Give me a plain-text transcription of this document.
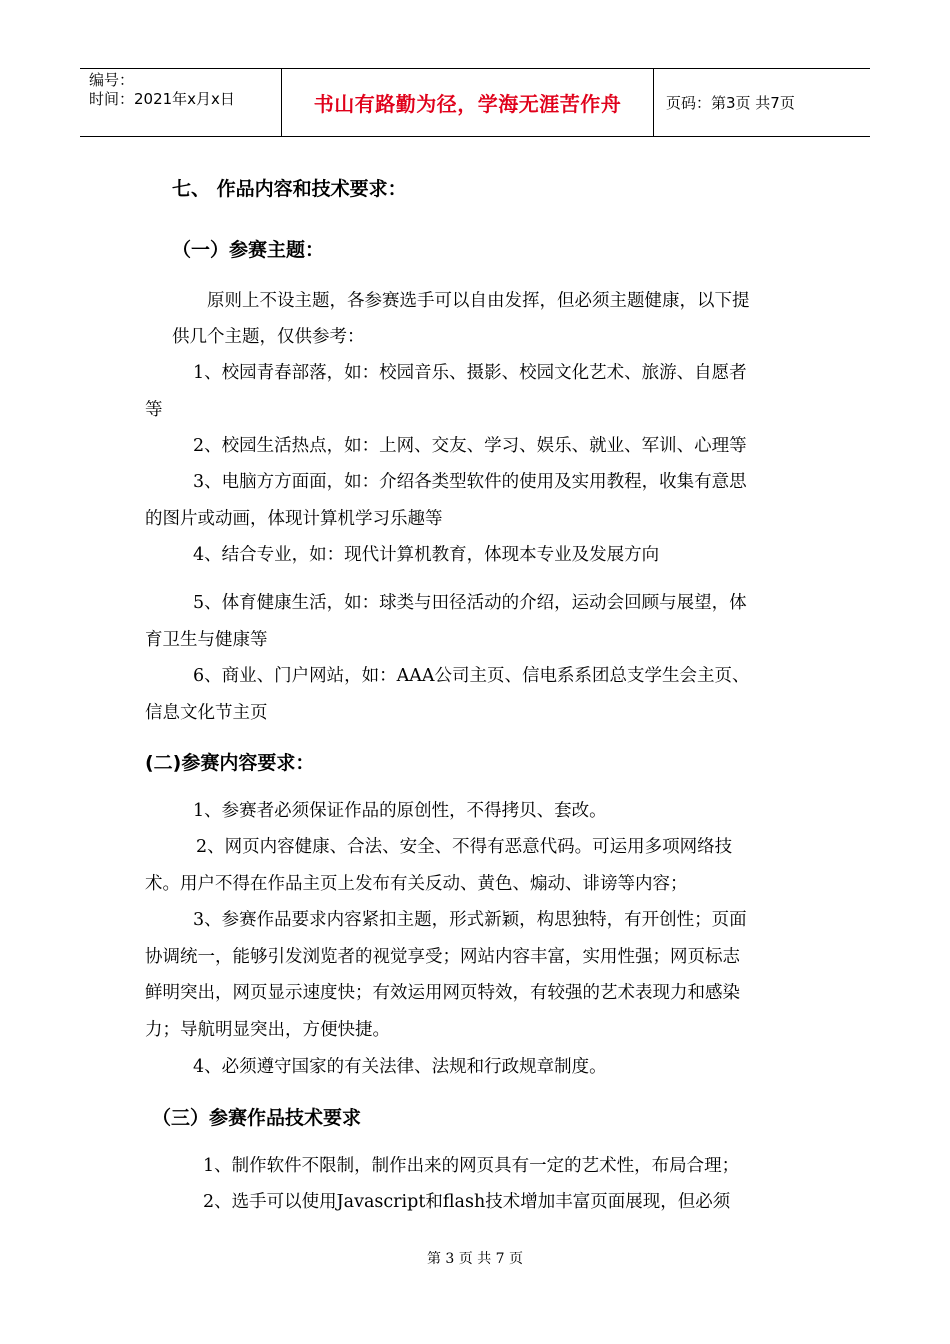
编号：
时间：2021年x月x日	书山有路勤为径，学海无涯苦作舟	页码：第3页 共7页
七、 作品内容和技术要求：
（一）参赛主题：
原则上不设主题，各参赛选手可以自由发挥，但必须主题健康，以下提
供几个主题，仅供参考：
1、校园青春部落，如：校园音乐、摄影、校园文化艺术、旅游、自愿者
等
2、校园生活热点，如：上网、交友、学习、娱乐、就业、军训、心理等
3、电脑方方面面，如：介绍各类型软件的使用及实用教程，收集有意思
的图片或动画，体现计算机学习乐趣等
4、结合专业，如：现代计算机教育，体现本专业及发展方向
5、体育健康生活，如：球类与田径活动的介绍，运动会回顾与展望，体
育卫生与健康等
6、商业、门户网站，如：AAA公司主页、信电系系团总支学生会主页、
信息文化节主页
(二)参赛内容要求：
1、参赛者必须保证作品的原创性，不得拷贝、套改。
2、网页内容健康、合法、安全、不得有恶意代码。可运用多项网络技
术。用户不得在作品主页上发布有关反动、黄色、煽动、诽谤等内容；
3、参赛作品要求内容紧扣主题，形式新颖，构思独特，有开创性；页面
协调统一，能够引发浏览者的视觉享受；网站内容丰富，实用性强；网页标志
鲜明突出，网页显示速度快；有效运用网页特效，有较强的艺术表现力和感染
力；导航明显突出，方便快捷。
4、必须遵守国家的有关法律、法规和行政规章制度。
（三）参赛作品技术要求
1、制作软件不限制，制作出来的网页具有一定的艺术性，布局合理；
2、选手可以使用Javascript和flash技术增加丰富页面展现，但必须
第 3 页 共 7 页
